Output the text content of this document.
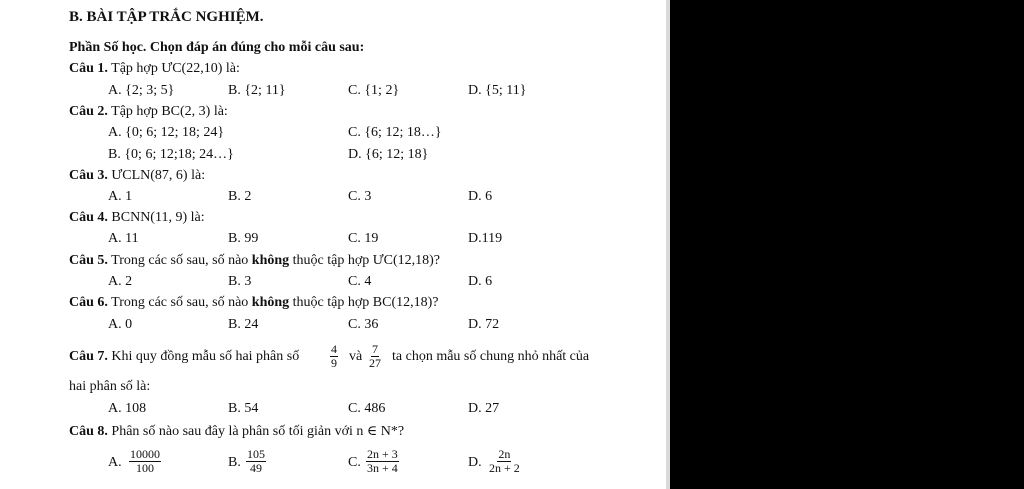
B. BÀI TẬP TRẮC NGHIỆM.
Phần Số học. Chọn đáp án đúng cho mỗi câu sau:
Câu 1. Tập hợp ƯC(22,10) là:
A. {2; 3; 5}	B. {2; 11}	C. {1; 2}	D. {5; 11}
Câu 2. Tập hợp BC(2, 3) là:
A. {0; 6; 12; 18; 24}	C. {6; 12; 18…}
B. {0; 6; 12;18; 24…}	D. {6; 12; 18}
Câu 3. ƯCLN(87, 6) là:
A. 1	B. 2	C. 3	D. 6
Câu 4. BCNN(11, 9) là:
A. 11	B. 99	C. 19	D.119
Câu 5. Trong các số sau, số nào không thuộc tập hợp ƯC(12,18)?
A. 2	B. 3	C. 4	D. 6
Câu 6. Trong các số sau, số nào không thuộc tập hợp BC(12,18)?
A. 0	B. 24	C. 36	D. 72
Câu 7. Khi quy đồng mẫu số hai phân số	$\frac{4}{9}$ và $\frac{7}{27}$ ta chọn mẫu số chung nhỏ nhất của
hai phân số là:
A. 108	B. 54	C. 486	D. 27
Câu 8. Phân số nào sau đây là phân số tối giản với n ∈ N*?
A. $\frac{10000}{100}$	B. $\frac{105}{49}$	C. $\frac{2n + 3}{3n + 4}$	D. $\frac{2n}{2n + 2}$
